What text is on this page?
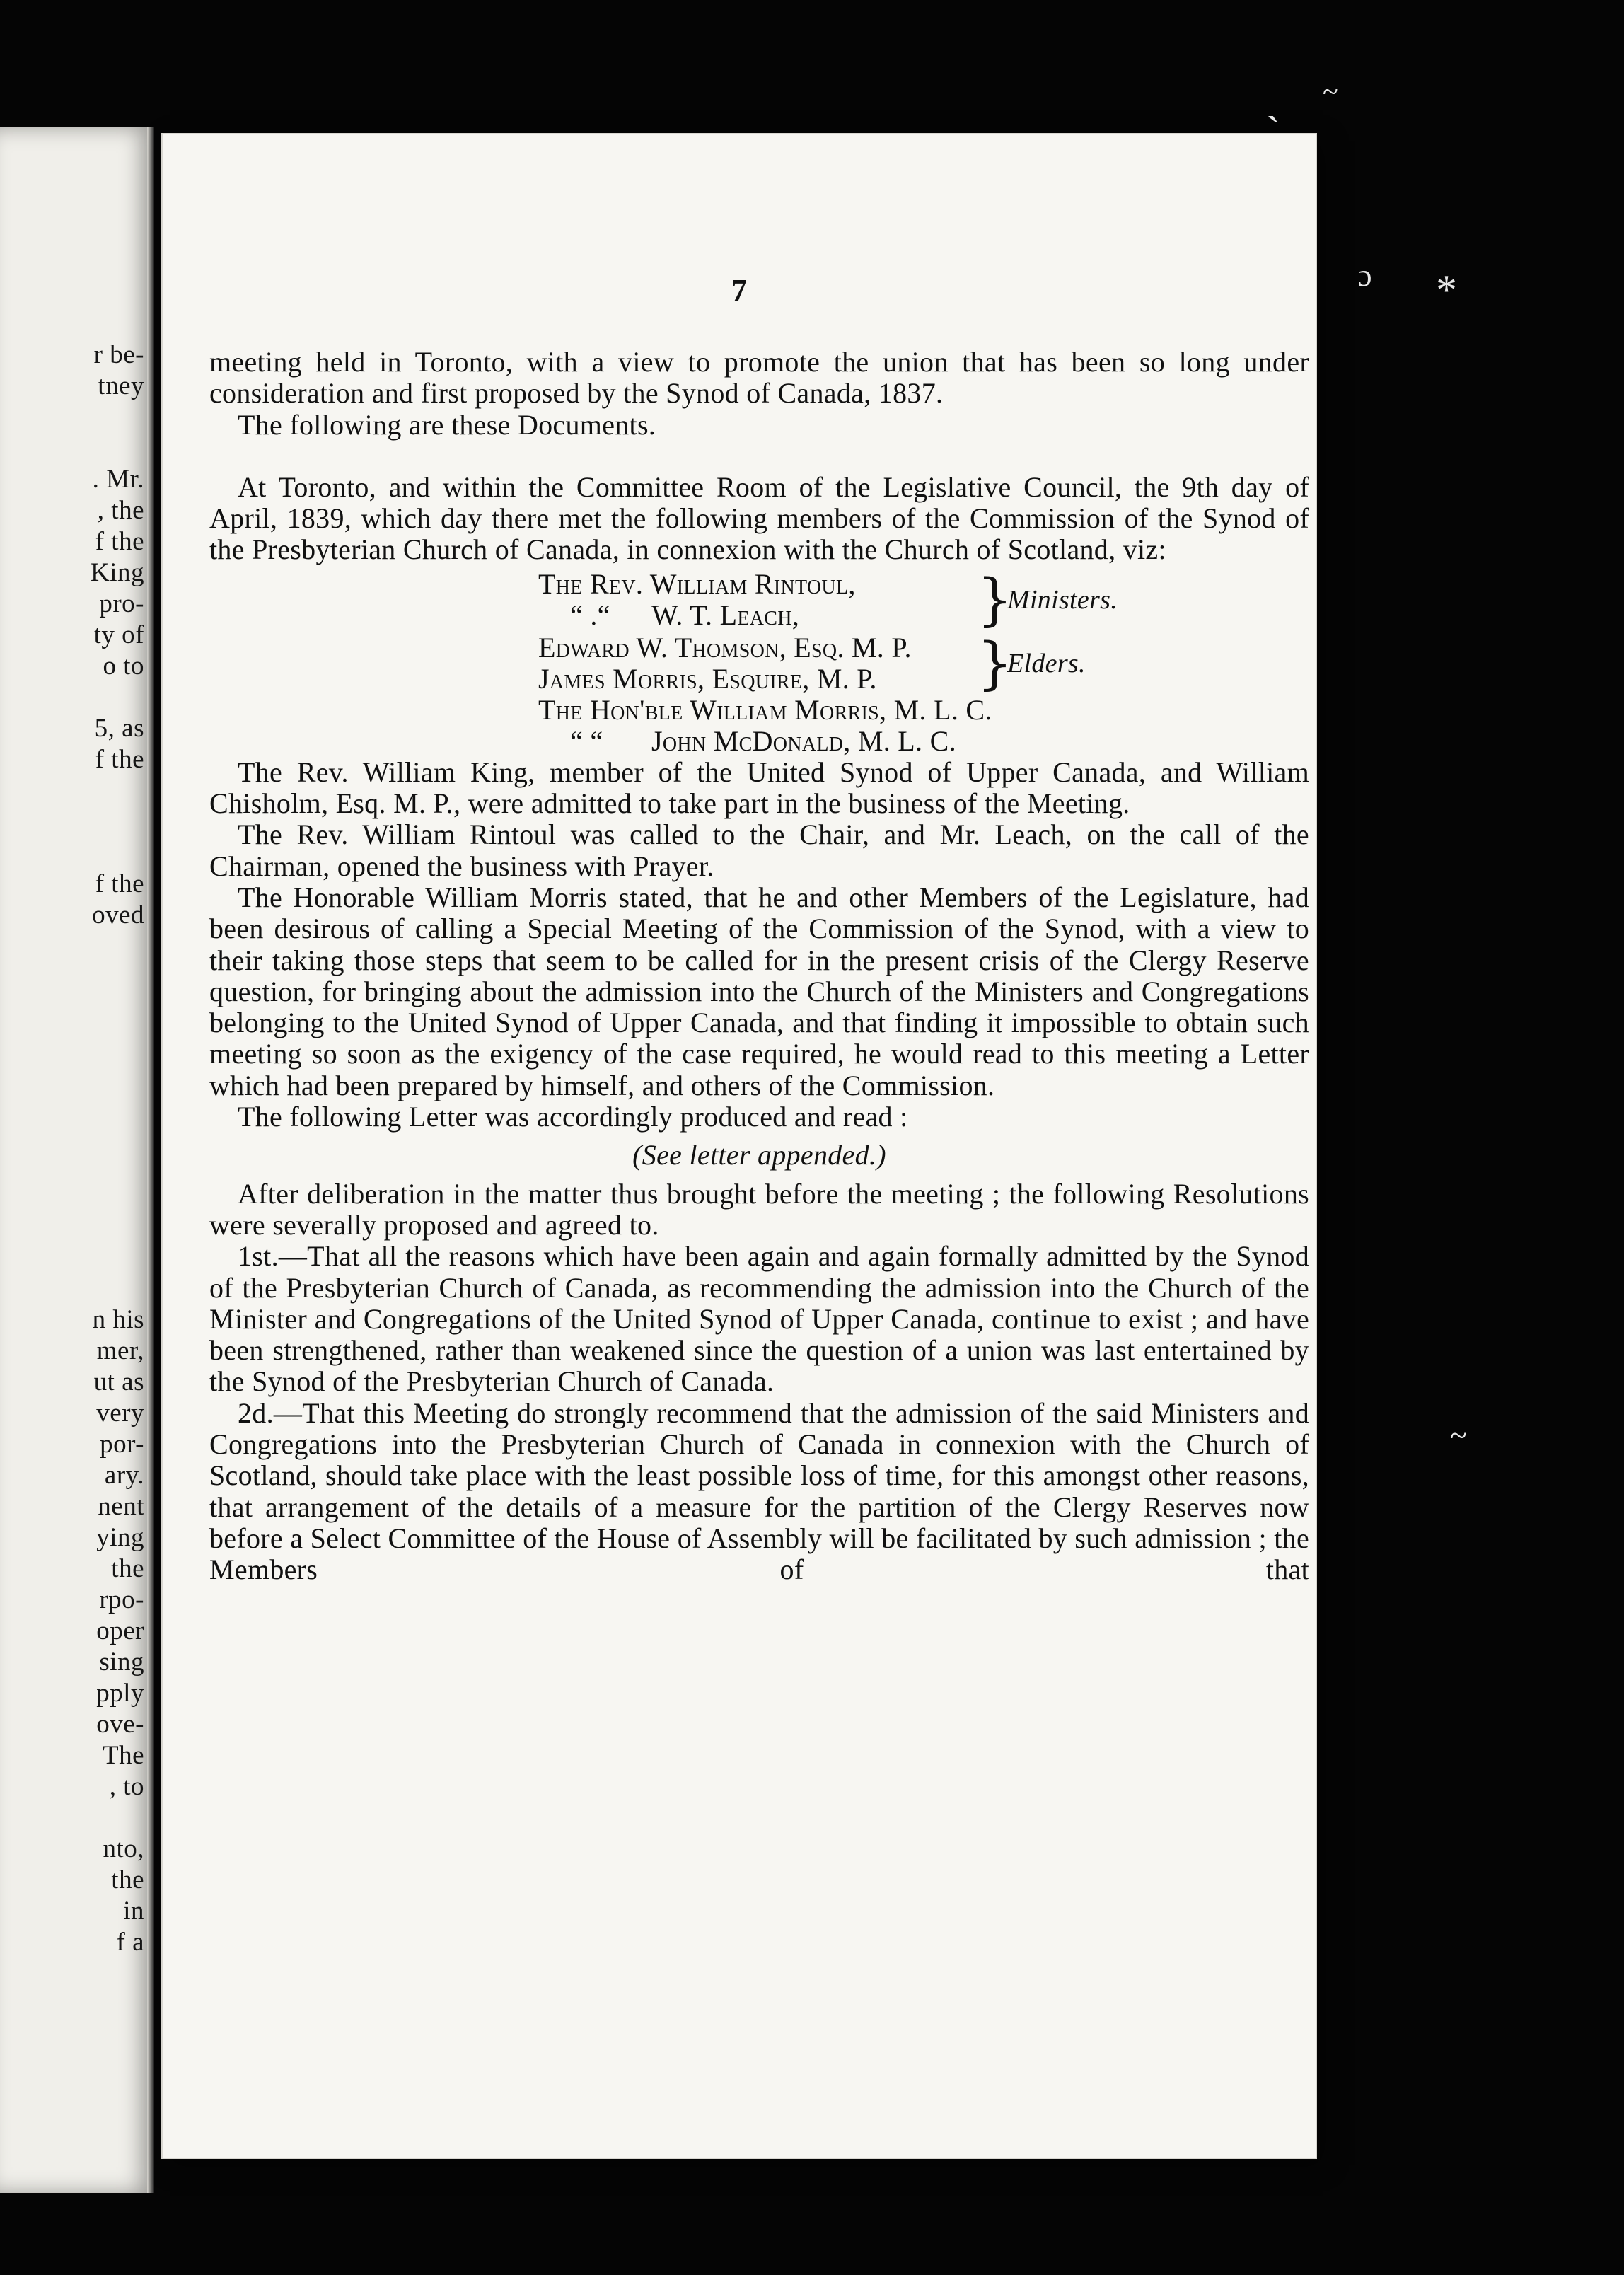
r be-
tney
. Mr.
, the
f the
King
pro-
ty of
o to
5, as
f the
f the
oved
n his
mer,
ut as
very
por-
ary.
nent
ying
the
rpo-
oper
sing
pply
ove-
The
, to
nto,
the
in
f a
7

meeting held in Toronto, with a view to promote the union that has been so long under consideration and first proposed by the Synod of Canada, 1837.

The following are these Documents.

At Toronto, and within the Committee Room of the Legislative Council, the 9th day of April, 1839, which day there met the following members of the Commission of the Synod of the Presbyterian Church of Canada, in connexion with the Church of Scotland, viz:

The Rev. William Rintoul,
“ .“ W. T. Leach,	}
Ministers.
Edward W. Thomson, Esq. M. P.
James Morris, Esquire, M. P. }
Elders.
The Hon'ble William Morris, M. L. C.
“ “ John McDonald, M. L. C.

The Rev. William King, member of the United Synod of Upper Canada, and William Chisholm, Esq. M. P., were admitted to take part in the business of the Meeting.

The Rev. William Rintoul was called to the Chair, and Mr. Leach, on the call of the Chairman, opened the business with Prayer.

The Honorable William Morris stated, that he and other Members of the Legislature, had been desirous of calling a Special Meeting of the Commission of the Synod, with a view to their taking those steps that seem to be called for in the present crisis of the Clergy Reserve question, for bringing about the admission into the Church of the Ministers and Congregations belonging to the United Synod of Upper Canada, and that finding it impossible to obtain such meeting so soon as the exigency of the case required, he would read to this meeting a Letter which had been prepared by himself, and others of the Commission.

The following Letter was accordingly produced and read :

(See letter appended.)

After deliberation in the matter thus brought before the meeting ; the following Resolutions were severally proposed and agreed to.

1st.—That all the reasons which have been again and again formally admitted by the Synod of the Presbyterian Church of Canada, as recommending the admission into the Church of the Minister and Congregations of the United Synod of Upper Canada, continue to exist ; and have been strengthened, rather than weakened since the question of a union was last entertained by the Synod of the Presbyterian Church of Canada.

2d.—That this Meeting do strongly recommend that the admission of the said Ministers and Congregations into the Presbyterian Church of Canada in connexion with the Church of Scotland, should take place with the least possible loss of time, for this amongst other reasons, that arrangement of the details of a measure for the partition of the Clergy Reserves now before a Select Committee of the House of Assembly will be facilitated by such admission ; the Members of that

ˎ ~
*
ɔ
~
